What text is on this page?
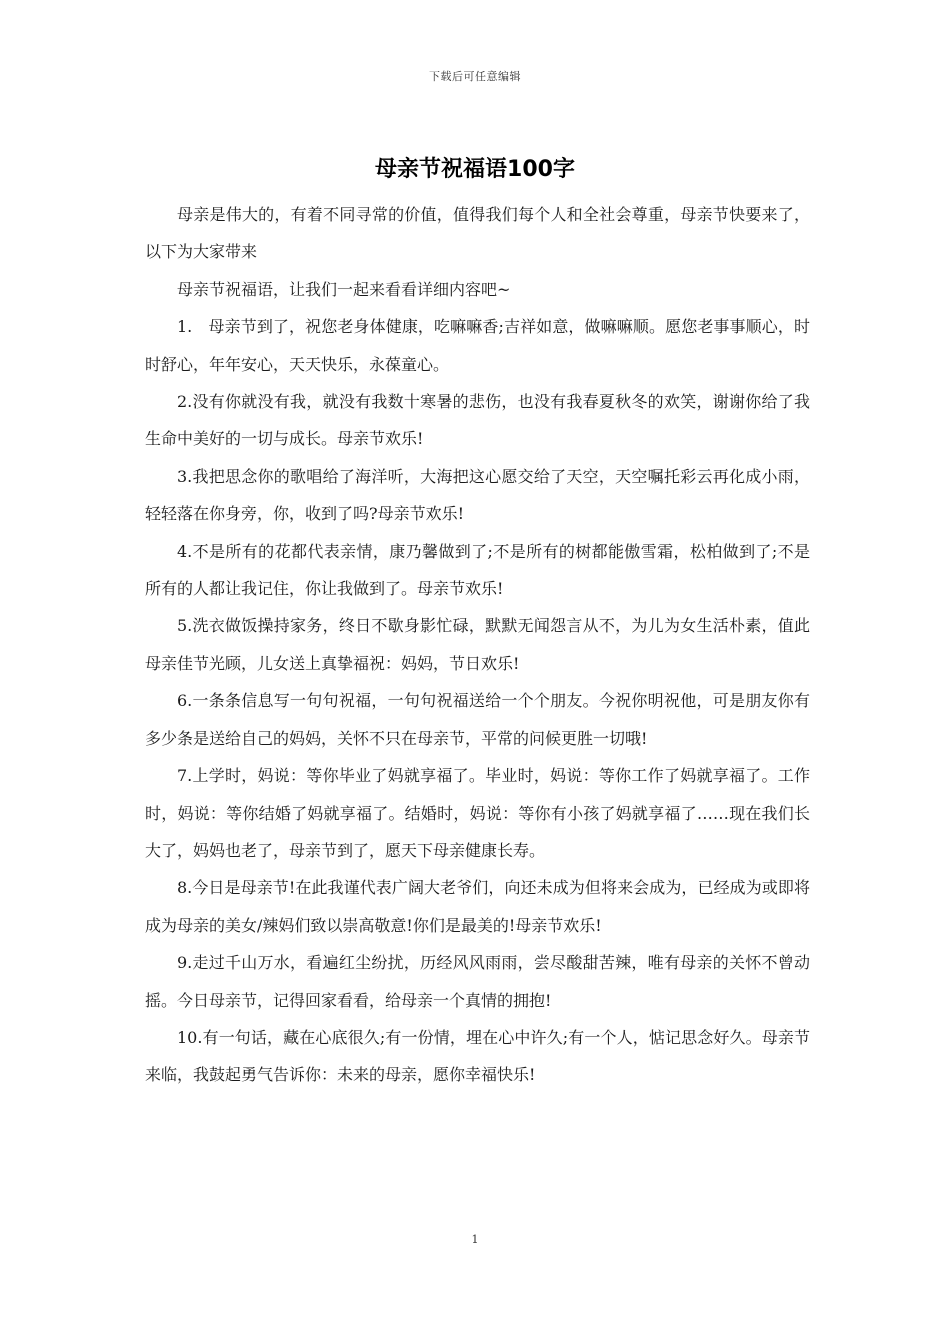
下载后可任意编辑
母亲节祝福语100字

母亲是伟大的，有着不同寻常的价值，值得我们每个人和全社会尊重，母亲节快要来了，以下为大家带来

母亲节祝福语，让我们一起来看看详细内容吧~

1.　母亲节到了，祝您老身体健康，吃嘛嘛香;吉祥如意，做嘛嘛顺。愿您老事事顺心，时时舒心，年年安心，天天快乐，永葆童心。

2.没有你就没有我，就没有我数十寒暑的悲伤，也没有我春夏秋冬的欢笑，谢谢你给了我生命中美好的一切与成长。母亲节欢乐!

3.我把思念你的歌唱给了海洋听，大海把这心愿交给了天空，天空嘱托彩云再化成小雨，轻轻落在你身旁，你，收到了吗?母亲节欢乐!

4.不是所有的花都代表亲情，康乃馨做到了;不是所有的树都能傲雪霜，松柏做到了;不是所有的人都让我记住，你让我做到了。母亲节欢乐!

5.洗衣做饭操持家务，终日不歇身影忙碌，默默无闻怨言从不，为儿为女生活朴素，值此母亲佳节光顾，儿女送上真挚福祝：妈妈，节日欢乐!

6.一条条信息写一句句祝福，一句句祝福送给一个个朋友。今祝你明祝他，可是朋友你有多少条是送给自己的妈妈，关怀不只在母亲节，平常的问候更胜一切哦!

7.上学时，妈说：等你毕业了妈就享福了。毕业时，妈说：等你工作了妈就享福了。工作时，妈说：等你结婚了妈就享福了。结婚时，妈说：等你有小孩了妈就享福了……现在我们长大了，妈妈也老了，母亲节到了，愿天下母亲健康长寿。

8.今日是母亲节!在此我谨代表广阔大老爷们，向还未成为但将来会成为，已经成为或即将成为母亲的美女/辣妈们致以崇高敬意!你们是最美的!母亲节欢乐!

9.走过千山万水，看遍红尘纷扰，历经风风雨雨，尝尽酸甜苦辣，唯有母亲的关怀不曾动摇。今日母亲节，记得回家看看，给母亲一个真情的拥抱!

10.有一句话，藏在心底很久;有一份情，埋在心中许久;有一个人，惦记思念好久。母亲节来临，我鼓起勇气告诉你：未来的母亲，愿你幸福快乐!

1
